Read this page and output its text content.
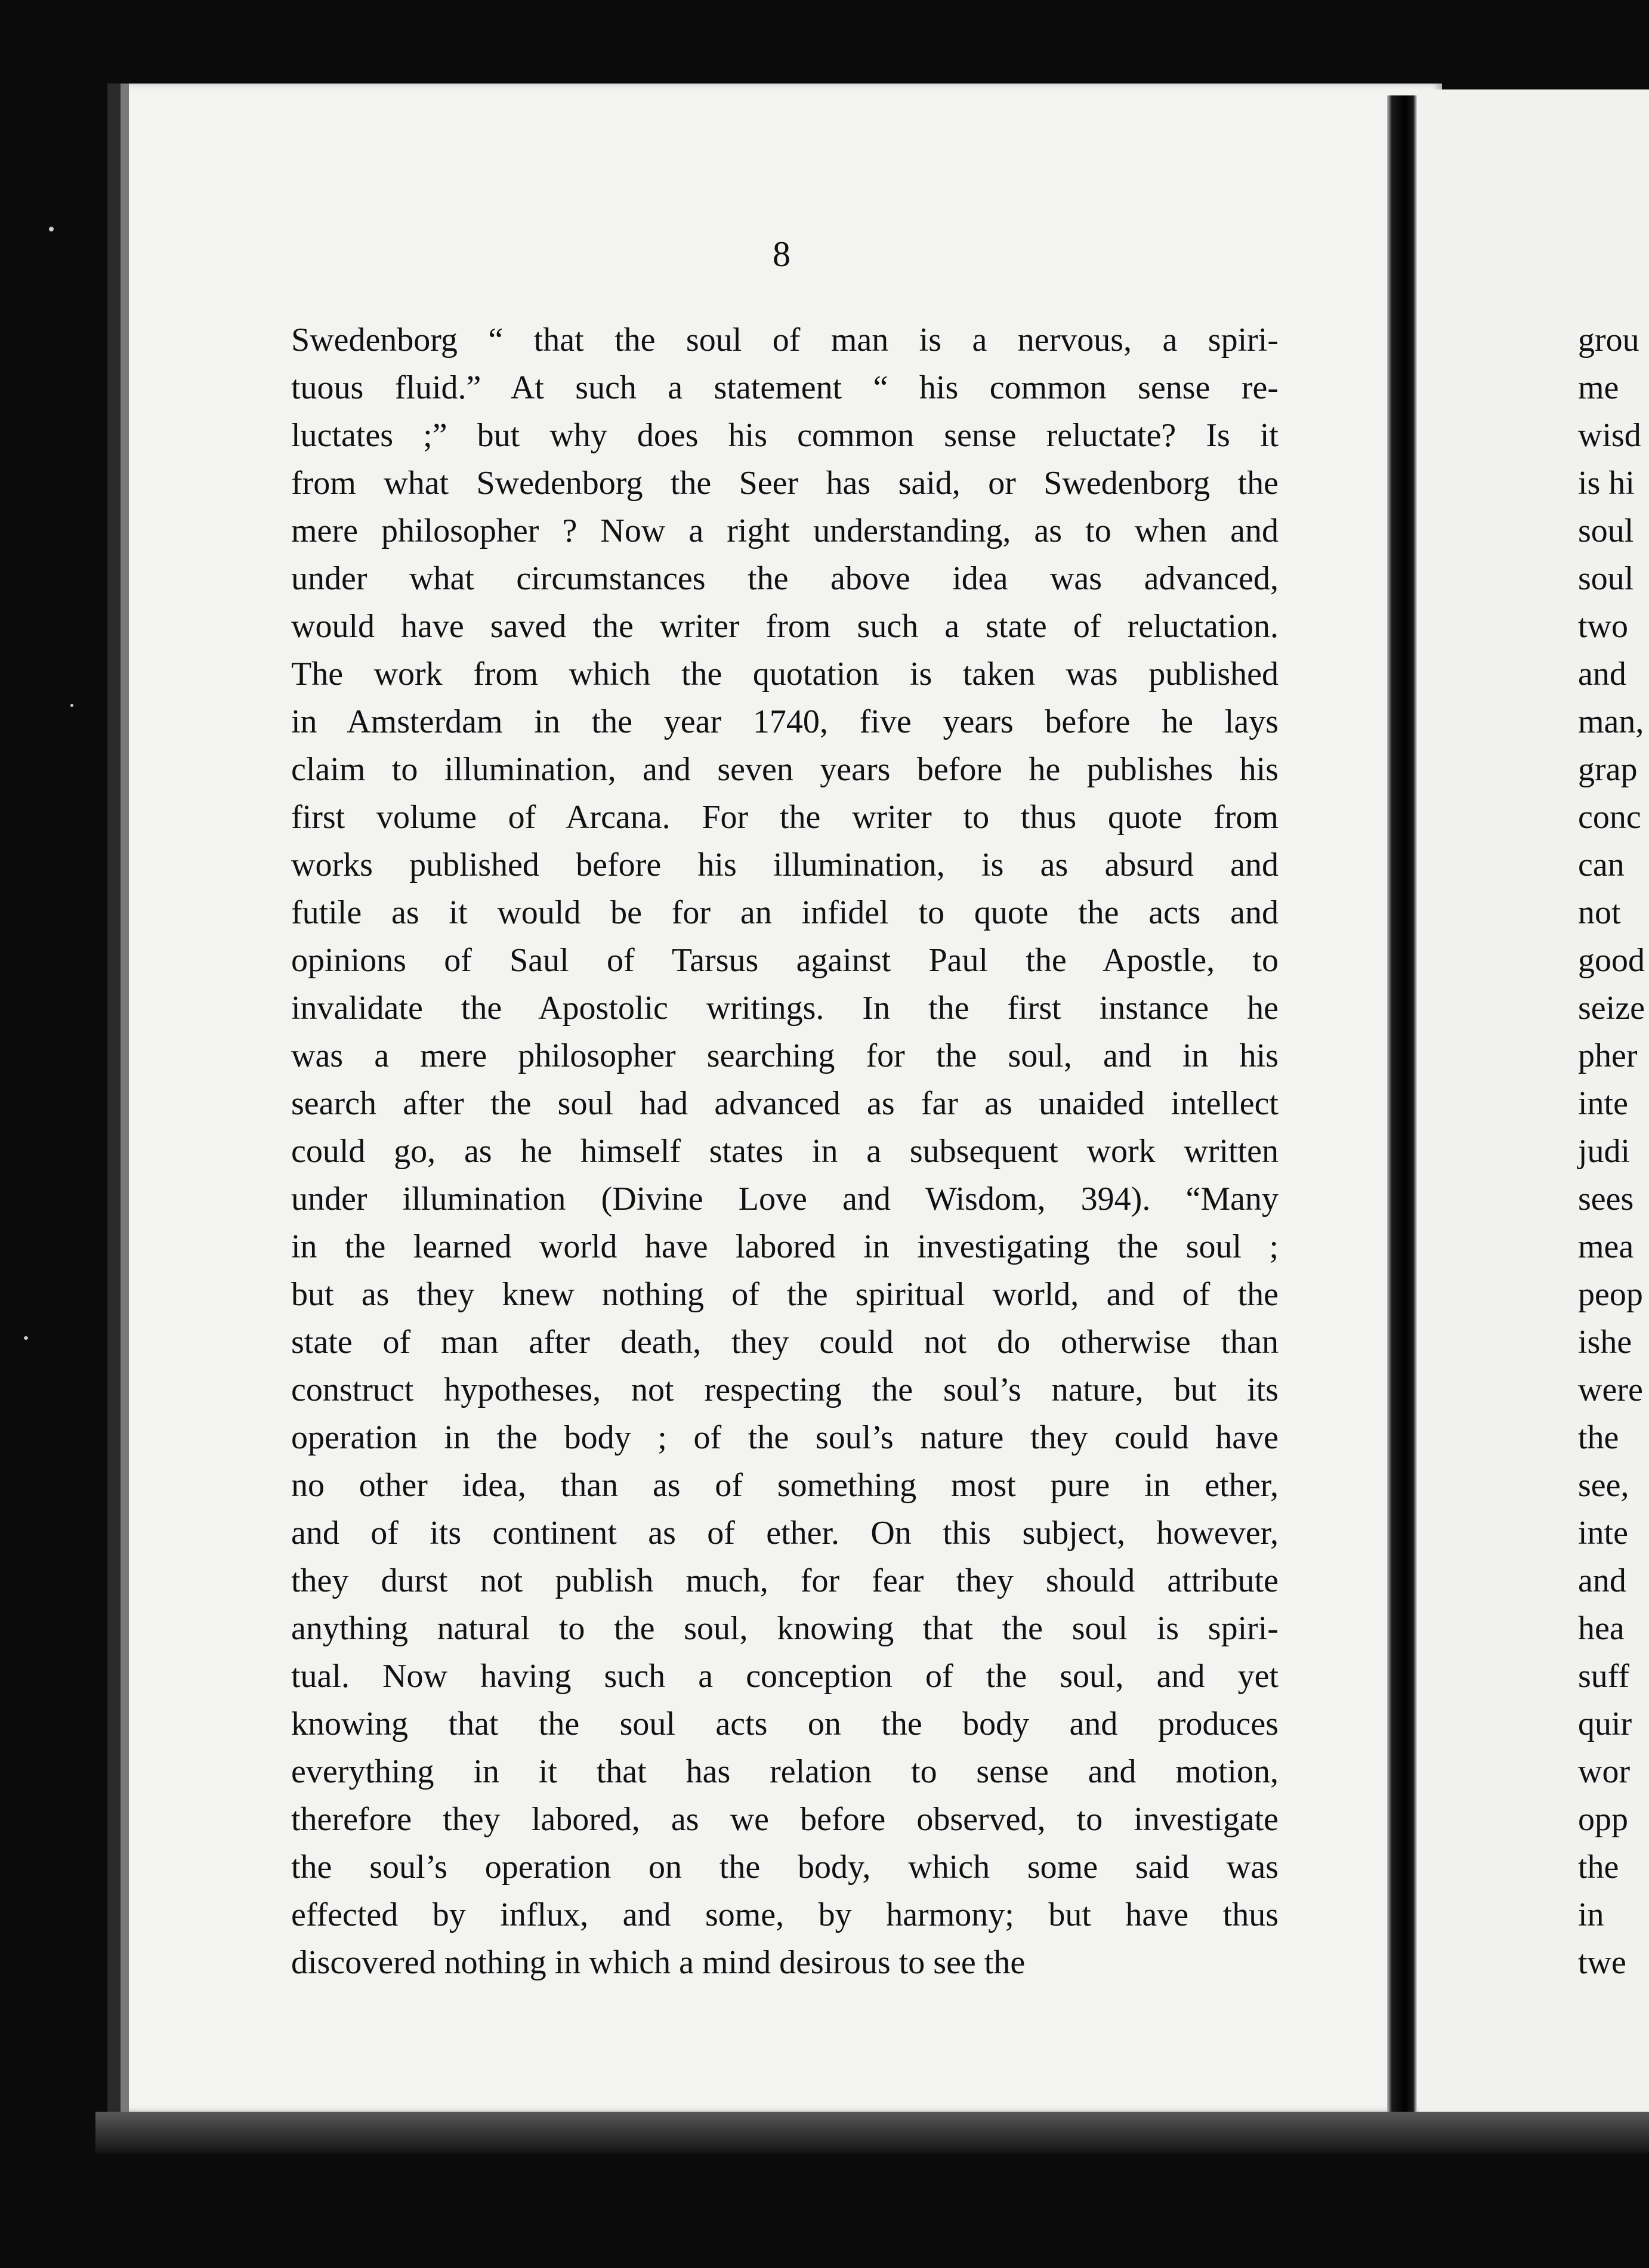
8
Swedenborg “ that the soul of man is a nervous, a spiri-
tuous fluid.” At such a statement “ his common sense re-
luctates ;” but why does his common sense reluctate? Is it
from what Swedenborg the Seer has said, or Swedenborg the
mere philosopher ? Now a right understanding, as to when and
under what circumstances the above idea was advanced,
would have saved the writer from such a state of reluctation.
The work from which the quotation is taken was published
in Amsterdam in the year 1740, five years before he lays
claim to illumination, and seven years before he publishes his
first volume of Arcana. For the writer to thus quote from
works published before his illumination, is as absurd and
futile as it would be for an infidel to quote the acts and
opinions of Saul of Tarsus against Paul the Apostle, to
invalidate the Apostolic writings. In the first instance he
was a mere philosopher searching for the soul, and in his
search after the soul had advanced as far as unaided intellect
could go, as he himself states in a subsequent work written
under illumination (Divine Love and Wisdom, 394). “Many
in the learned world have labored in investigating the soul ;
but as they knew nothing of the spiritual world, and of the
state of man after death, they could not do otherwise than
construct hypotheses, not respecting the soul’s nature, but its
operation in the body ; of the soul’s nature they could have
no other idea, than as of something most pure in ether,
and of its continent as of ether. On this subject, however,
they durst not publish much, for fear they should attribute
anything natural to the soul, knowing that the soul is spiri-
tual. Now having such a conception of the soul, and yet
knowing that the soul acts on the body and produces
everything in it that has relation to sense and motion,
therefore they labored, as we before observed, to investigate
the soul’s operation on the body, which some said was
effected by influx, and some, by harmony; but have thus
discovered nothing in which a mind desirous to see the
grou
me
wisd
is hi
soul
soul
two
and
man,
grap
conc
can
not
good
seize
pher
inte
judi
sees
mea
peop
ishe
were
the
see,
inte
and
hea
suff
quir
wor
opp
the
in
twe
